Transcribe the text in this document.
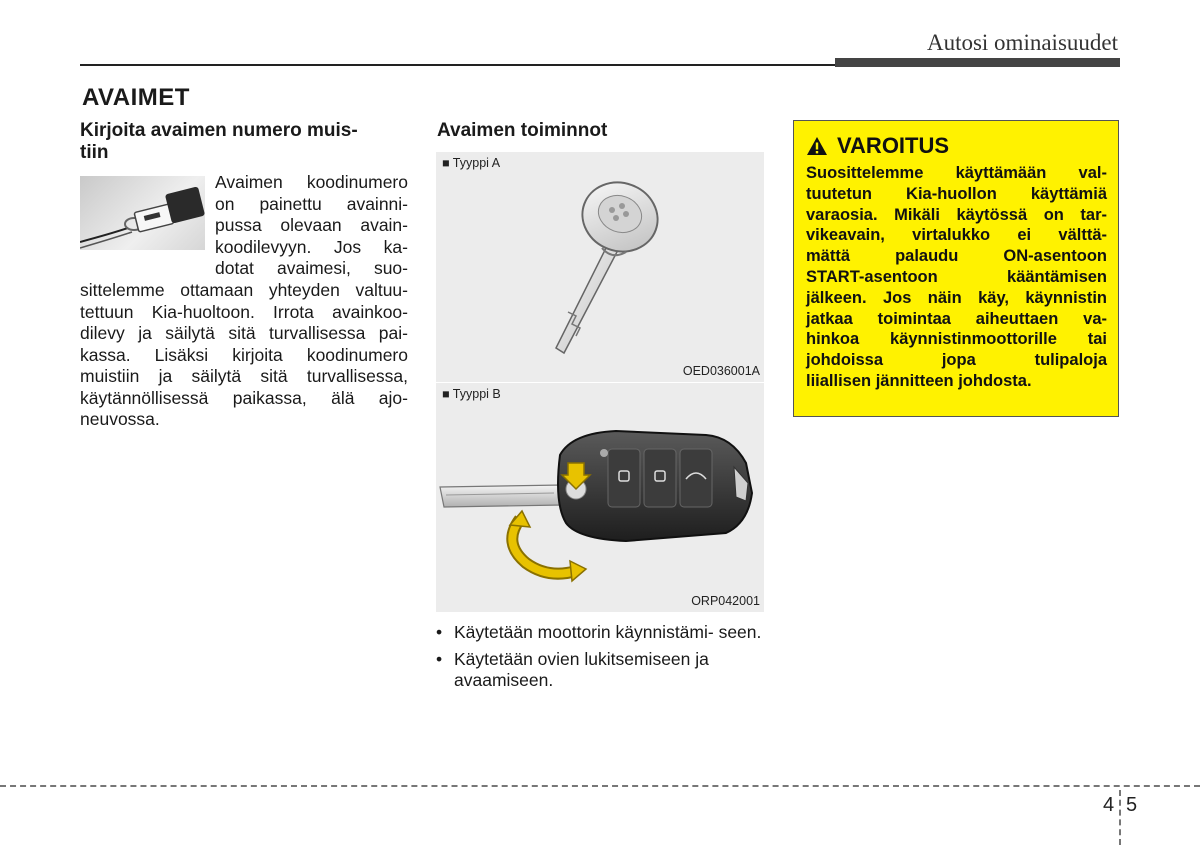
Autosi ominaisuudet
AVAIMET
Kirjoita avaimen numero muis-
tiin
Avaimen koodinumero
on painettu avainni-
pussa olevaan avain-
koodilevyyn. Jos ka-
dotat avaimesi, suo-
sittelemme ottamaan yhteyden valtuu-
tettuun Kia-huoltoon. Irrota avainkoo-
dilevy ja säilytä sitä turvallisessa pai-
kassa. Lisäksi kirjoita koodinumero
muistiin ja säilytä sitä turvallisessa,
käytännöllisessä paikassa, älä ajo-
neuvossa.
Avaimen toiminnot
■ Tyyppi A
OED036001A
■ Tyyppi B
ORP042001
• Käytetään moottorin käynnistämi- seen.
• Käytetään ovien lukitsemiseen ja avaamiseen.
VAROITUS
Suosittelemme käyttämään val-
tuutetun Kia-huollon käyttämiä
varaosia. Mikäli käytössä on tar-
vikeavain, virtalukko ei välttä-
mättä palaudu ON-asentoon
START-asentoon kääntämisen
jälkeen. Jos näin käy, käynnistin
jatkaa toimintaa aiheuttaen va-
hinkoa käynnistinmoottorille tai
johdoissa jopa tulipaloja
liiallisen jännitteen johdosta.
4 5
